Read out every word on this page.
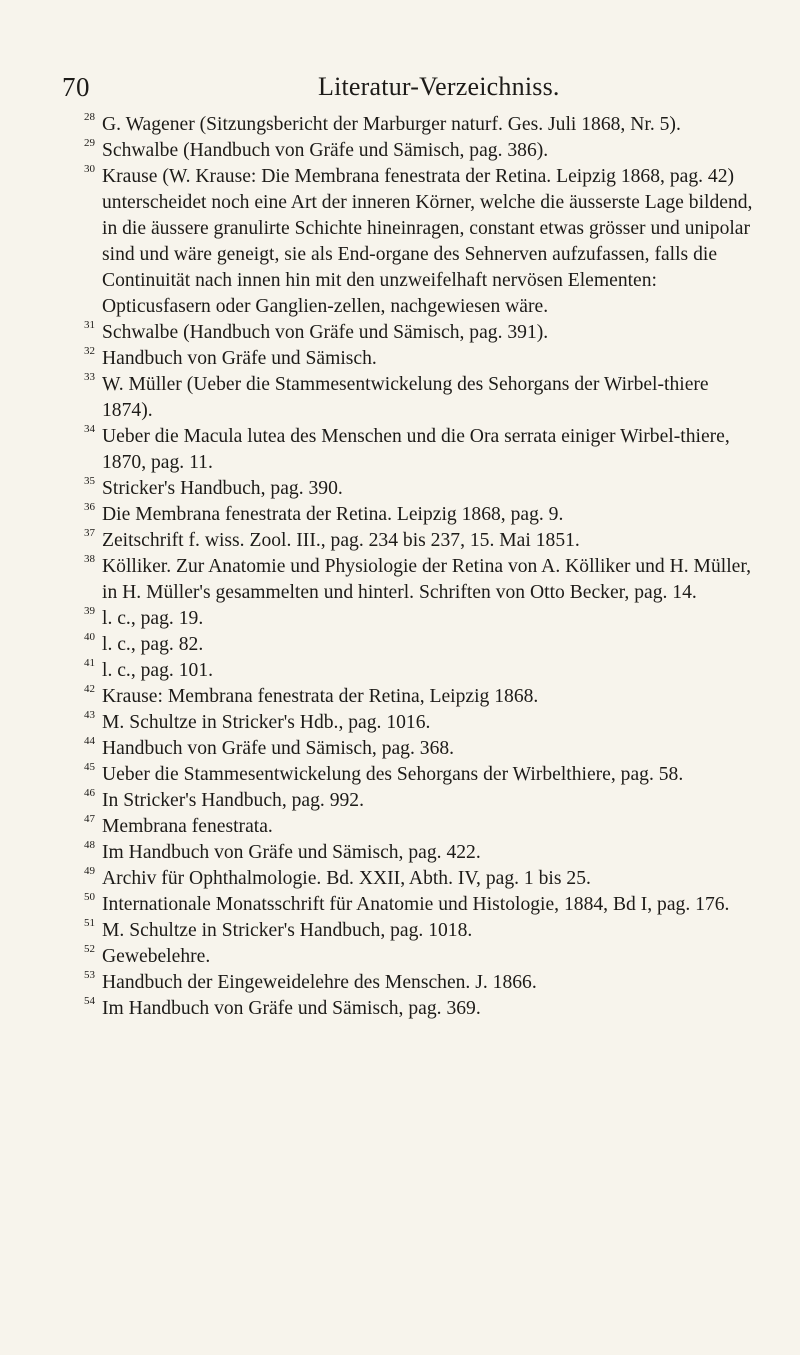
70	Literatur-Verzeichniss.
28 G. Wagener (Sitzungsbericht der Marburger naturf. Ges. Juli 1868, Nr. 5).
29 Schwalbe (Handbuch von Gräfe und Sämisch, pag. 386).
30 Krause (W. Krause: Die Membrana fenestrata der Retina. Leipzig 1868, pag. 42) unterscheidet noch eine Art der inneren Körner, welche die äusserste Lage bildend, in die äussere granulirte Schichte hineinragen, constant etwas grösser und unipolar sind und wäre geneigt, sie als End-organe des Sehnerven aufzufassen, falls die Continuität nach innen hin mit den unzweifelhaft nervösen Elementen: Opticusfasern oder Ganglien-zellen, nachgewiesen wäre.
31 Schwalbe (Handbuch von Gräfe und Sämisch, pag. 391).
32 Handbuch von Gräfe und Sämisch.
33 W. Müller (Ueber die Stammesentwickelung des Sehorgans der Wirbel-thiere 1874).
34 Ueber die Macula lutea des Menschen und die Ora serrata einiger Wirbel-thiere, 1870, pag. 11.
35 Stricker's Handbuch, pag. 390.
36 Die Membrana fenestrata der Retina. Leipzig 1868, pag. 9.
37 Zeitschrift f. wiss. Zool. III., pag. 234 bis 237, 15. Mai 1851.
38 Kölliker. Zur Anatomie und Physiologie der Retina von A. Kölliker und H. Müller, in H. Müller's gesammelten und hinterl. Schriften von Otto Becker, pag. 14.
39 l. c., pag. 19.
40 l. c., pag. 82.
41 l. c., pag. 101.
42 Krause: Membrana fenestrata der Retina, Leipzig 1868.
43 M. Schultze in Stricker's Hdb., pag. 1016.
44 Handbuch von Gräfe und Sämisch, pag. 368.
45 Ueber die Stammesentwickelung des Sehorgans der Wirbelthiere, pag. 58.
46 In Stricker's Handbuch, pag. 992.
47 Membrana fenestrata.
48 Im Handbuch von Gräfe und Sämisch, pag. 422.
49 Archiv für Ophthalmologie. Bd. XXII, Abth. IV, pag. 1 bis 25.
50 Internationale Monatsschrift für Anatomie und Histologie, 1884, Bd I, pag. 176.
51 M. Schultze in Stricker's Handbuch, pag. 1018.
52 Gewebelehre.
53 Handbuch der Eingeweidelehre des Menschen. J. 1866.
54 Im Handbuch von Gräfe und Sämisch, pag. 369.
